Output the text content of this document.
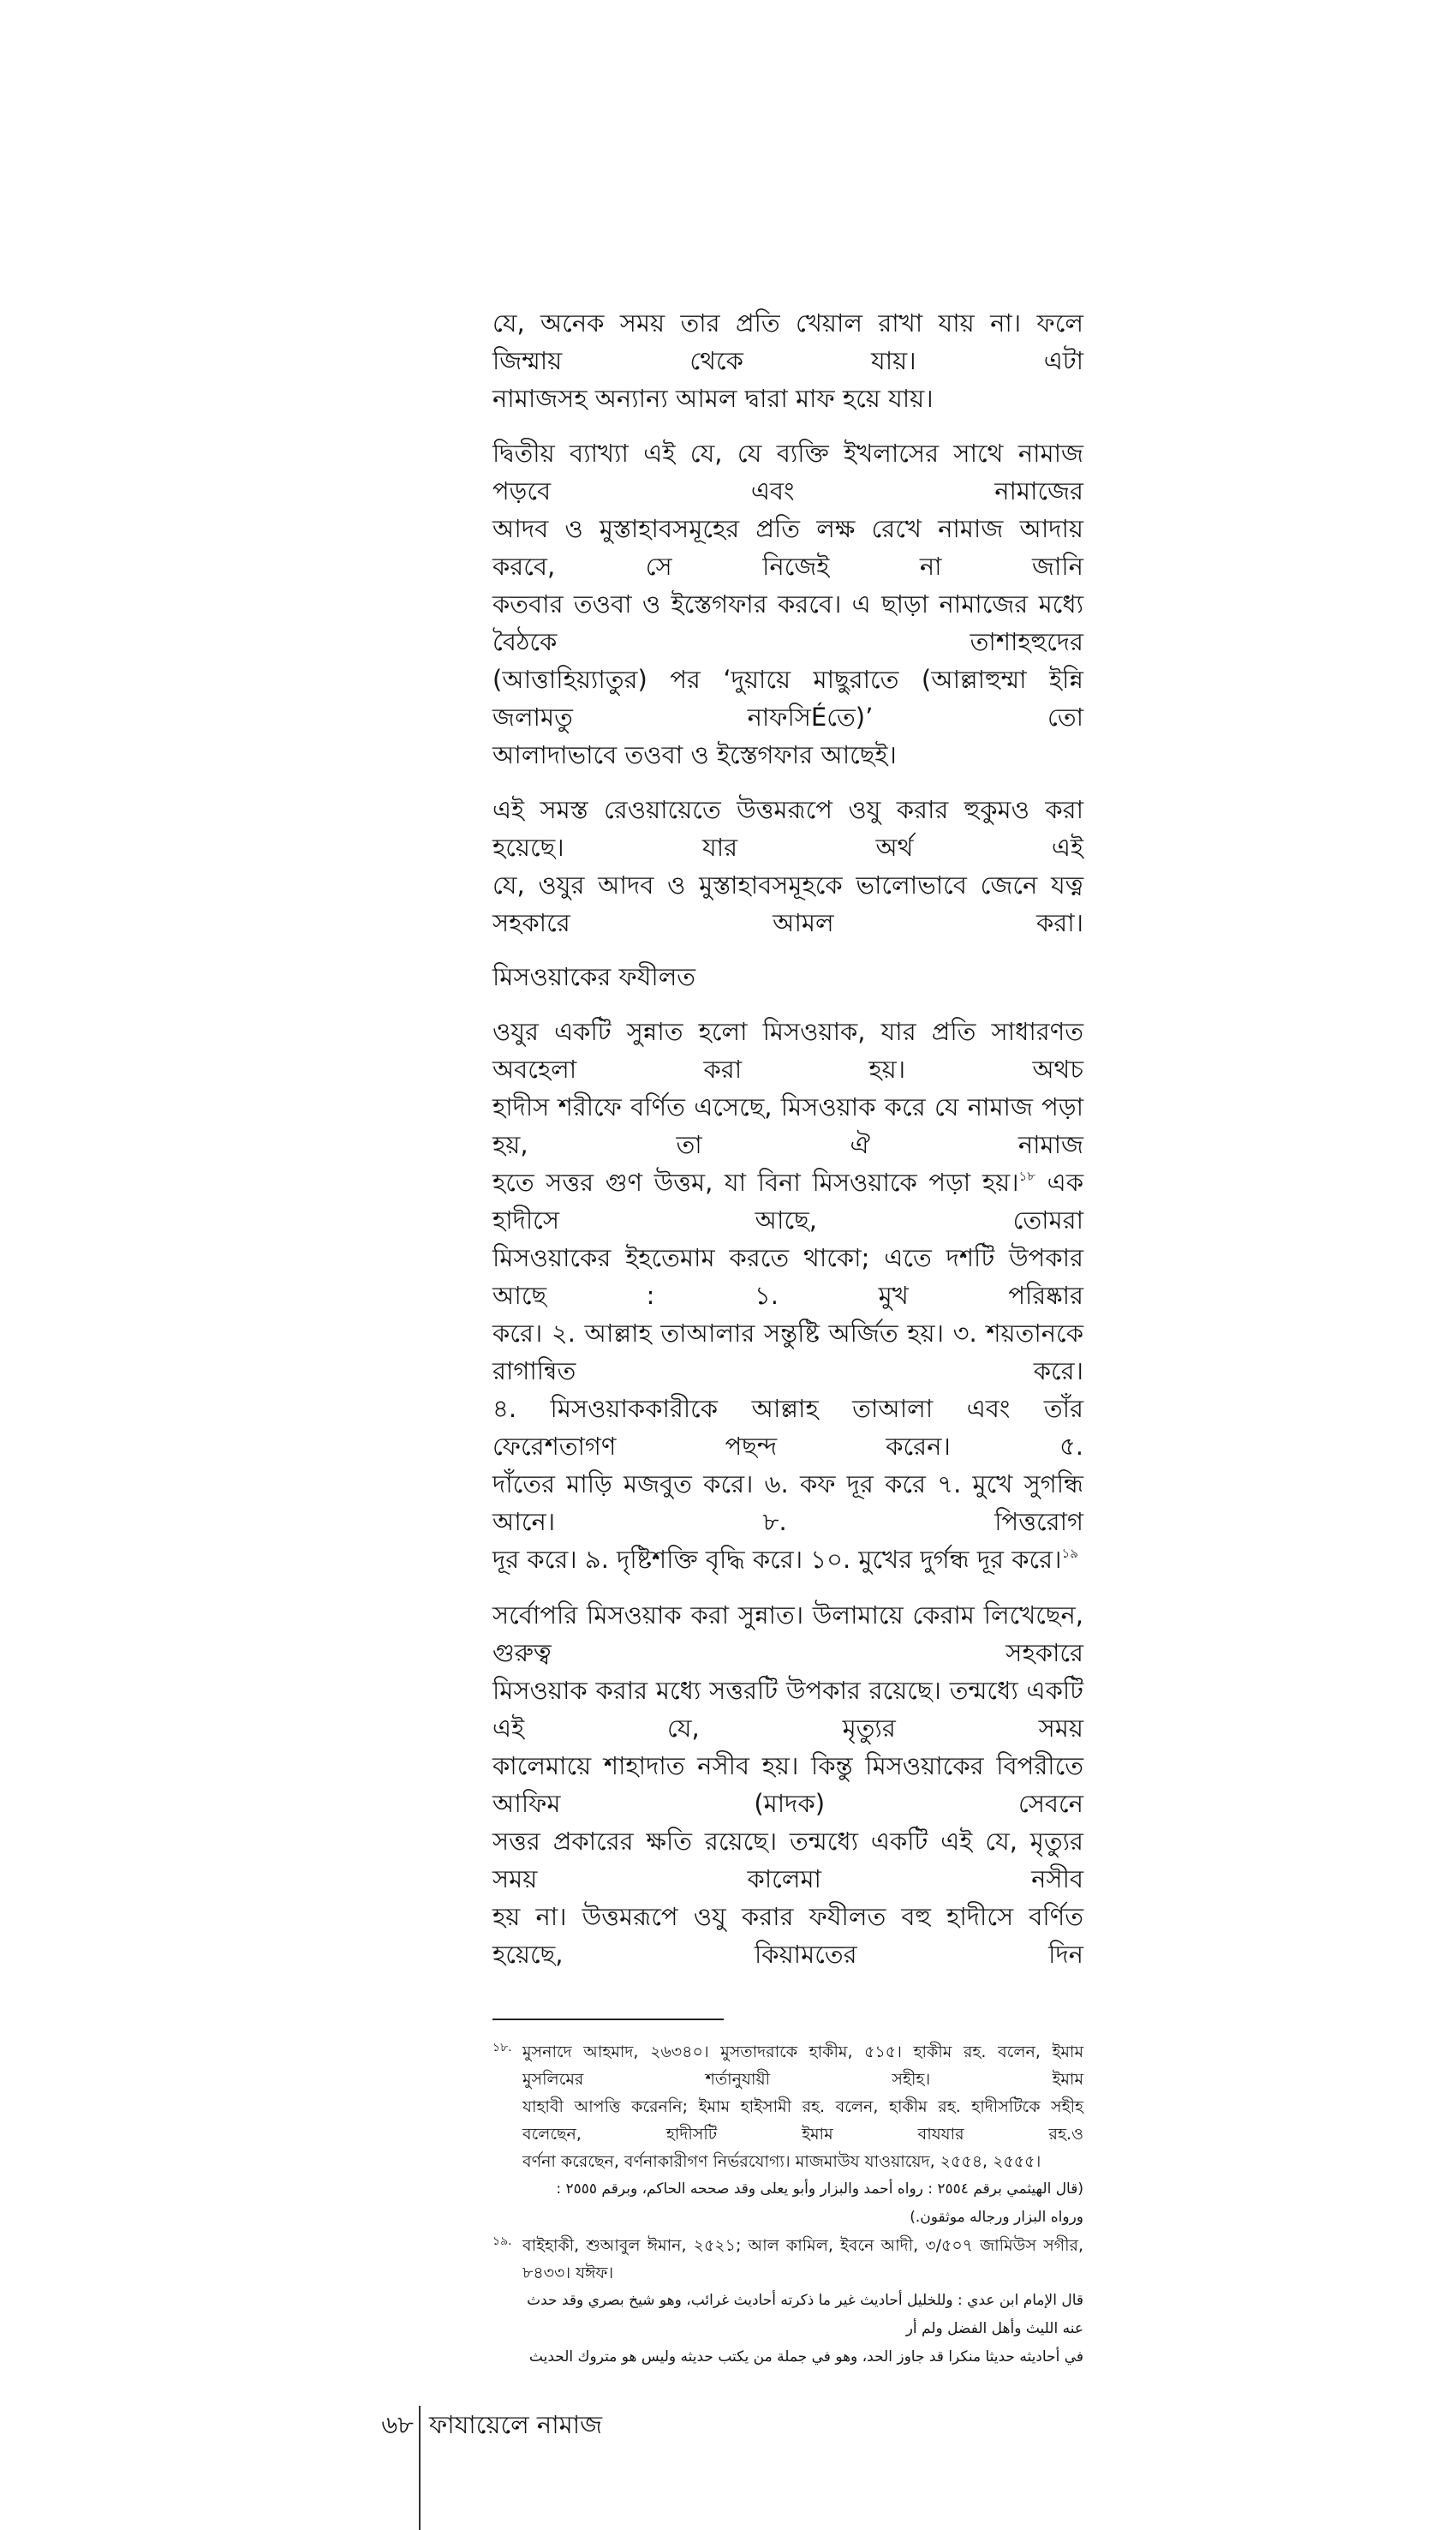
যে, অনেক সময় তার প্রতি খেয়াল রাখা যায় না। ফলে জিম্মায় থেকে যায়। এটা
নামাজসহ অন্যান্য আমল দ্বারা মাফ হয়ে যায়।
দ্বিতীয় ব্যাখ্যা এই যে, যে ব্যক্তি ইখলাসের সাথে নামাজ পড়বে এবং নামাজের
আদব ও মুস্তাহাবসমূহের প্রতি লক্ষ রেখে নামাজ আদায় করবে, সে নিজেই না জানি
কতবার তওবা ও ইস্তেগফার করবে। এ ছাড়া নামাজের মধ্যে বৈঠকে তাশাহহুদের
(আত্তাহিয়্যাতুর) পর ‘দুয়ায়ে মাছুরাতে (আল্লাহুম্মা ইন্নি জলামতু নাফসিÉতে)’ তো
আলাদাভাবে তওবা ও ইস্তেগফার আছেই।
এই সমস্ত রেওয়ায়েতে উত্তমরূপে ওযু করার হুকুমও করা হয়েছে। যার অর্থ এই
যে, ওযুর আদব ও মুস্তাহাবসমূহকে ভালোভাবে জেনে যত্ন সহকারে আমল করা।
মিসওয়াকের ফযীলত
ওযুর একটি সুন্নাত হলো মিসওয়াক, যার প্রতি সাধারণত অবহেলা করা হয়। অথচ
হাদীস শরীফে বর্ণিত এসেছে, মিসওয়াক করে যে নামাজ পড়া হয়, তা ঐ নামাজ
হতে সত্তর গুণ উত্তম, যা বিনা মিসওয়াকে পড়া হয়।$^{১৮}$ এক হাদীসে আছে, তোমরা
মিসওয়াকের ইহতেমাম করতে থাকো; এতে দশটি উপকার আছে : ১. মুখ পরিষ্কার
করে। ২. আল্লাহ তাআলার সন্তুষ্টি অর্জিত হয়। ৩. শয়তানকে রাগান্বিত করে।
৪. মিসওয়াককারীকে আল্লাহ তাআলা এবং তাঁর ফেরেশতাগণ পছন্দ করেন। ৫.
দাঁতের মাড়ি মজবুত করে। ৬. কফ দূর করে ৭. মুখে সুগন্ধি আনে। ৮. পিত্তরোগ
দূর করে। ৯. দৃষ্টিশক্তি বৃদ্ধি করে। ১০. মুখের দুর্গন্ধ দূর করে।$^{১৯}$
সর্বোপরি মিসওয়াক করা সুন্নাত। উলামায়ে কেরাম লিখেছেন, গুরুত্ব সহকারে
মিসওয়াক করার মধ্যে সত্তরটি উপকার রয়েছে। তন্মধ্যে একটি এই যে, মৃত্যুর সময়
কালেমায়ে শাহাদাত নসীব হয়। কিন্তু মিসওয়াকের বিপরীতে আফিম (মাদক) সেবনে
সত্তর প্রকারের ক্ষতি রয়েছে। তন্মধ্যে একটি এই যে, মৃত্যুর সময় কালেমা নসীব
হয় না। উত্তমরূপে ওযু করার ফযীলত বহু হাদীসে বর্ণিত হয়েছে, কিয়ামতের দিন
১৮. মুসনাদে আহমাদ, ২৬৩৪০। মুসতাদরাকে হাকীম, ৫১৫। হাকীম রহ. বলেন, ইমাম মুসলিমের শর্তানুযায়ী সহীহ। ইমাম
যাহাবী আপত্তি করেননি; ইমাম হাইসামী রহ. বলেন, হাকীম রহ. হাদীসটিকে সহীহ বলেছেন, হাদীসটি ইমাম বাযযার রহ.ও
বর্ণনা করেছেন, বর্ণনাকারীগণ নির্ভরযোগ্য। মাজমাউয যাওয়ায়েদ, ২৫৫৪, ২৫৫৫।
(قال الهيثمي برقم ٢٥٥٤ : رواه أحمد والبزار وأبو يعلى وقد صححه الحاكم، وبرقم ٢٥٥٥ : ورواه البزار ورجاله موثقون.)
১৯. বাইহাকী, শুআবুল ঈমান, ২৫২১; আল কামিল, ইবনে আদী, ৩/৫০৭ জামিউস সগীর, ৮৪৩৩। যঈফ।
قال الإمام ابن عدي : وللخليل أحاديث غير ما ذكرته أحاديث غرائب، وهو شيخ بصري وقد حدث عنه الليث وأهل الفضل ولم أر
في أحاديثه حديثا منكرا قد جاوز الحد، وهو في جملة من يكتب حديثه وليس هو متروك الحديث
৬৮ ফাযায়েলে নামাজ
